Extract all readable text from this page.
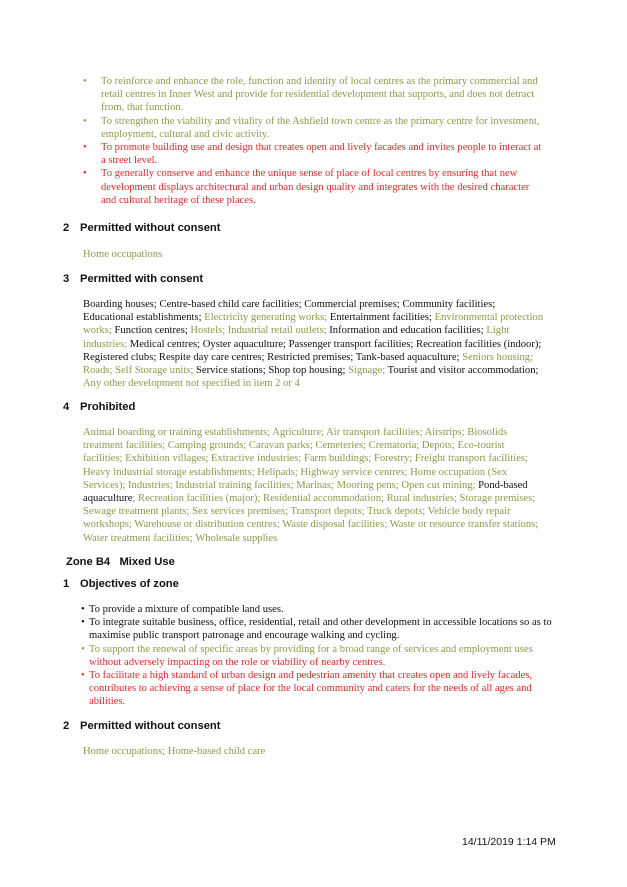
• To reinforce and enhance the role, function and identity of local centres as the primary commercial and retail centres in Inner West and provide for residential development that supports, and does not detract from, that function.
• To strengthen the viability and vitality of the Ashfield town centre as the primary centre for investment, employment, cultural and civic activity.
• To promote building use and design that creates open and lively facades and invites people to interact at a street level.
• To generally conserve and enhance the unique sense of place of local centres by ensuring that new development displays architectural and urban design quality and integrates with the desired character and cultural heritage of these places.
2 Permitted without consent
Home occupations
3 Permitted with consent
Boarding houses; Centre-based child care facilities; Commercial premises; Community facilities; Educational establishments; Electricity generating works; Entertainment facilities; Environmental protection works; Function centres; Hostels; Industrial retail outlets; Information and education facilities; Light industries; Medical centres; Oyster aquaculture; Passenger transport facilities; Recreation facilities (indoor); Registered clubs; Respite day care centres; Restricted premises; Tank-based aquaculture; Seniors housing; Roads; Self Storage units; Service stations; Shop top housing; Signage; Tourist and visitor accommodation; Any other development not specified in item 2 or 4
4 Prohibited
Animal boarding or training establishments; Agriculture; Air transport facilities; Airstrips; Biosolids treatment facilities; Camping grounds; Caravan parks; Cemeteries; Crematoria; Depots; Eco-tourist facilities; Exhibition villages; Extractive industries; Farm buildings; Forestry; Freight transport facilities; Heavy industrial storage establishments; Helipads; Highway service centres; Home occupation (Sex Services); Industries; Industrial training facilities; Marinas; Mooring pens; Open cut mining; Pond-based aquaculture; Recreation facilities (major); Residential accommodation; Rural industries; Storage premises; Sewage treatment plants; Sex services premises; Transport depots; Truck depots; Vehicle body repair workshops; Warehouse or distribution centres; Waste disposal facilities; Waste or resource transfer stations; Water treatment facilities; Wholesale supplies
Zone B4 Mixed Use
1 Objectives of zone
• To provide a mixture of compatible land uses.
• To integrate suitable business, office, residential, retail and other development in accessible locations so as to maximise public transport patronage and encourage walking and cycling.
• To support the renewal of specific areas by providing for a broad range of services and employment uses without adversely impacting on the role or viability of nearby centres.
• To facilitate a high standard of urban design and pedestrian amenity that creates open and lively facades, contributes to achieving a sense of place for the local community and caters for the needs of all ages and abilities.
2 Permitted without consent
Home occupations; Home-based child care
14/11/2019 1:14 PM
